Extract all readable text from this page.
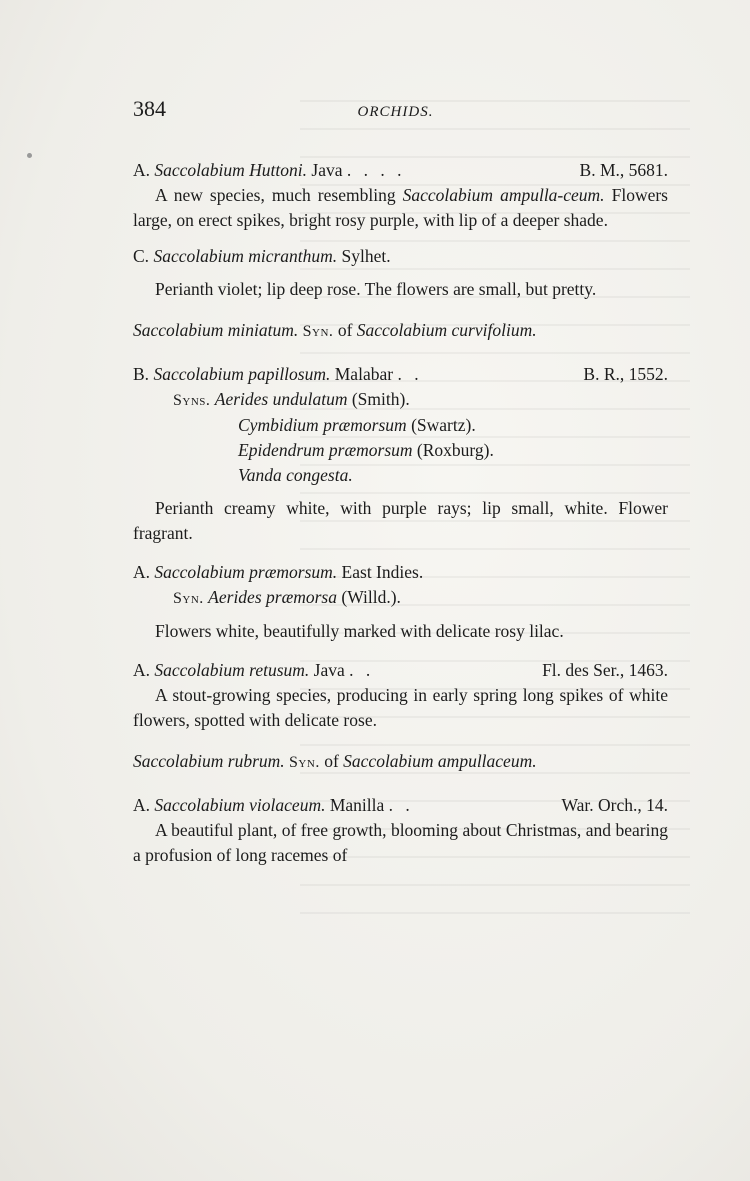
384	ORCHIDS.
A. Saccolabium Huttoni. Java . . . .	B. M., 5681.

A new species, much resembling Saccolabium ampulla-ceum. Flowers large, on erect spikes, bright rosy purple, with lip of a deeper shade.

C. Saccolabium micranthum. Sylhet.

Perianth violet; lip deep rose. The flowers are small, but pretty.

Saccolabium miniatum. Syn. of Saccolabium curvifolium.
B. Saccolabium papillosum. Malabar . .	B. R., 1552.
Syns. Aerides undulatum (Smith).
Cymbidium præmorsum (Swartz).
Epidendrum præmorsum (Roxburg).
Vanda congesta.

Perianth creamy white, with purple rays; lip small, white. Flower fragrant.

A. Saccolabium præmorsum. East Indies.
Syn. Aerides præmorsa (Willd.).

Flowers white, beautifully marked with delicate rosy lilac.

A. Saccolabium retusum. Java . .	Fl. des Ser., 1463.

A stout-growing species, producing in early spring long spikes of white flowers, spotted with delicate rose.

Saccolabium rubrum. Syn. of Saccolabium ampullaceum.
A. Saccolabium violaceum. Manilla . .	War. Orch., 14.

A beautiful plant, of free growth, blooming about Christmas, and bearing a profusion of long racemes of
